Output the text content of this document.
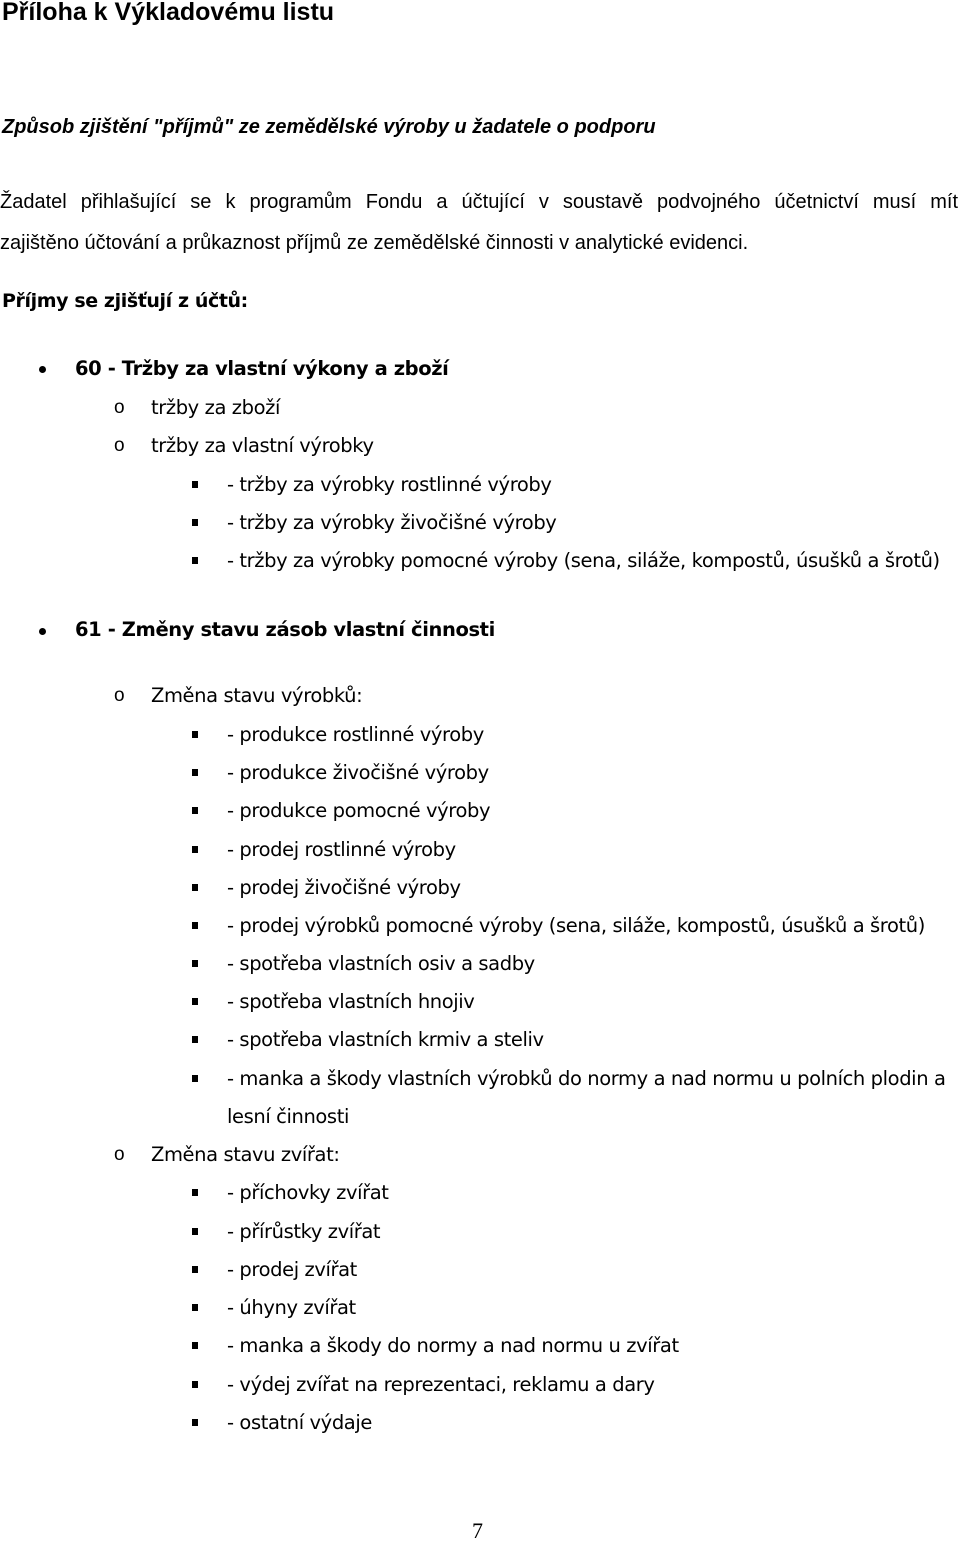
Příloha k Výkladovému listu
Způsob zjištění "příjmů" ze zemědělské výroby u žadatele o podporu
Žadatel přihlašující se k programům Fondu a účtující v soustavě podvojného účetnictví musí mít
zajištěno účtování a průkaznost příjmů ze zemědělské činnosti v analytické evidenci.
Příjmy se zjišťují z účtů:
60 - Tržby za vlastní výkony a zboží
o tržby za zboží
o tržby za vlastní výrobky
- tržby za výrobky rostlinné výroby
- tržby za výrobky živočišné výroby
- tržby za výrobky pomocné výroby (sena, siláže, kompostů, úsušků a šrotů)
61 - Změny stavu zásob vlastní činnosti
o Změna stavu výrobků:
- produkce rostlinné výroby
- produkce živočišné výroby
- produkce pomocné výroby
- prodej rostlinné výroby
- prodej živočišné výroby
- prodej výrobků pomocné výroby (sena, siláže, kompostů, úsušků a šrotů)
- spotřeba vlastních osiv a sadby
- spotřeba vlastních hnojiv
- spotřeba vlastních krmiv a steliv
- manka a škody vlastních výrobků do normy a nad normu u polních plodin a
lesní činnosti
o Změna stavu zvířat:
- příchovky zvířat
- přírůstky zvířat
- prodej zvířat
- úhyny zvířat
- manka a škody do normy a nad normu u zvířat
- výdej zvířat na reprezentaci, reklamu a dary
- ostatní výdaje
7
